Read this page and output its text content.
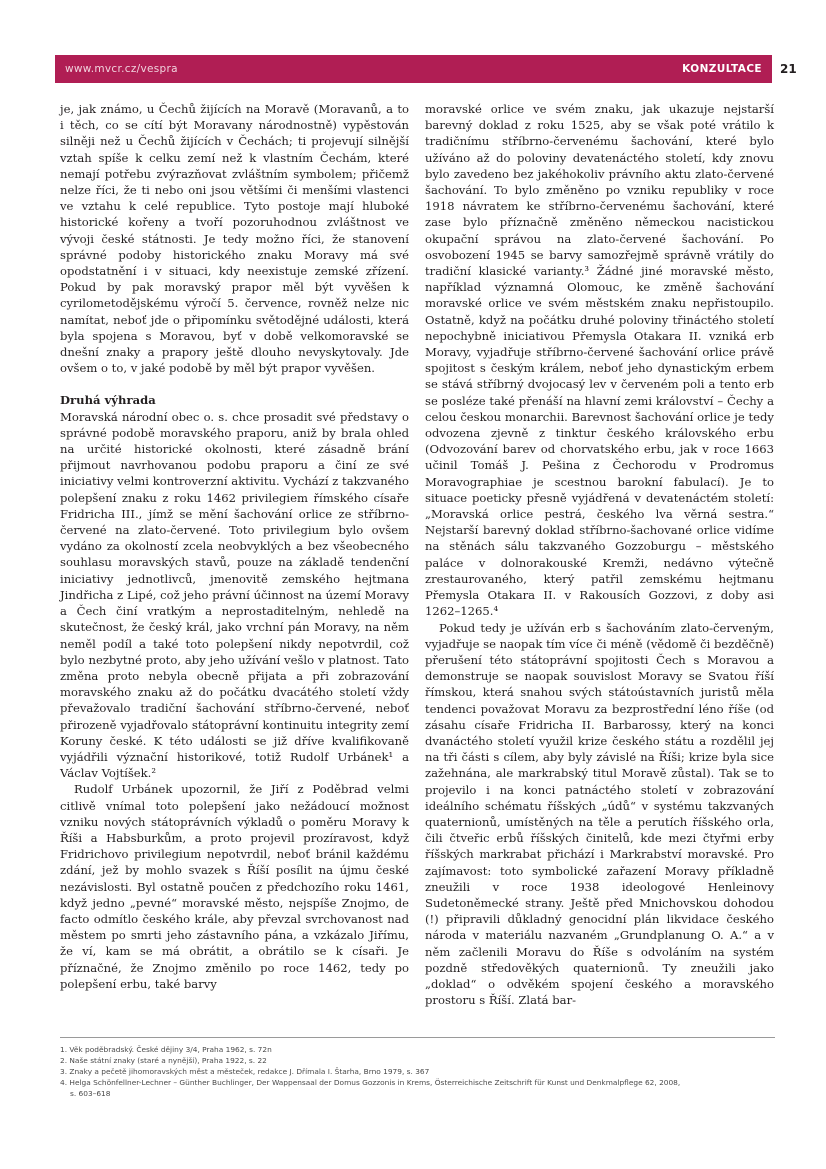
www.mvcr.cz/vespra	KONZULTACE 21

je, jak známo, u Čechů žijících na Moravě (Moravanů, a to i těch, co se cítí být Moravany národnostně) vypěstován silněji než u Čechů žijících v Čechách; ti projevují silnější vztah spíše k celku zemí než k vlastním Čechám, které nemají potřebu zvýrazňovat zvláštním symbolem; přičemž nelze říci, že ti nebo oni jsou většími či menšími vlastenci ve vztahu k celé republice. Tyto postoje mají hluboké historické kořeny a tvoří pozoruhodnou zvláštnost ve vývoji české státnosti. Je tedy možno říci, že stanovení správné podoby historického znaku Moravy má své opodstatnění i v situaci, kdy neexistuje zemské zřízení. Pokud by pak moravský prapor měl být vyvěšen k cyrilometodějskému výročí 5. července, rovněž nelze nic namítat, neboť jde o připomínku světodějné události, která byla spojena s Moravou, byť v době velkomoravské se dnešní znaky a prapory ještě dlouho nevyskytovaly. Jde ovšem o to, v jaké podobě by měl být prapor vyvěšen.

Druhá výhrada

Moravská národní obec o. s. chce prosadit své představy o správné podobě moravského praporu, aniž by brala ohled na určité historické okolnosti, které zásadně brání přijmout navrhovanou podobu praporu a činí ze své iniciativy velmi kontroverzní aktivitu. Vychází z takzvaného polepšení znaku z roku 1462 privilegiem římského císaře Fridricha III., jímž se mění šachování orlice ze stříbrno-červené na zlato-červené. Toto privilegium bylo ovšem vydáno za okolností zcela neobvyklých a bez všeobecného souhlasu moravských stavů, pouze na základě tendenční iniciativy jednotlivců, jmenovitě zemského hejtmana Jindřicha z Lipé, což jeho právní účinnost na území Moravy a Čech činí vratkým a neprostaditelným, nehledě na skutečnost, že český král, jako vrchní pán Moravy, na něm neměl podíl a také toto polepšení nikdy nepotvrdil, což bylo nezbytné proto, aby jeho užívání vešlo v platnost. Tato změna proto nebyla obecně přijata a při zobrazování moravského znaku až do počátku dvacátého století vždy převažovalo tradiční šachování stříbrno-červené, neboť přirozeně vyjadřovalo státoprávní kontinuitu integrity zemí Koruny české. K této události se již dříve kvalifikovaně vyjádřili význační historikové, totiž Rudolf Urbánek¹ a Václav Vojtíšek.²

Rudolf Urbánek upozornil, že Jiří z Poděbrad velmi citlivě vnímal toto polepšení jako nežádoucí možnost vzniku nových státoprávních výkladů o poměru Moravy k Říši a Habsburkům, a proto projevil prozíravost, když Fridrichovo privilegium nepotvrdil, neboť bránil každému zdání, jež by mohlo svazek s Říší posílit na újmu české nezávislosti. Byl ostatně poučen z předchozího roku 1461, když jedno „pevné“ moravské město, nejspíše Znojmo, de facto odmítlo českého krále, aby převzal svrchovanost nad městem po smrti jeho zástavního pána, a vzkázalo Jiřímu, že ví, kam se má obrátit, a obrátilo se k císaři. Je příznačné, že Znojmo změnilo po roce 1462, tedy po polepšení erbu, také barvy

moravské orlice ve svém znaku, jak ukazuje nejstarší barevný doklad z roku 1525, aby se však poté vrátilo k tradičnímu stříbrno-červenému šachování, které bylo užíváno až do poloviny devatenáctého století, kdy znovu bylo zavedeno bez jakéhokoliv právního aktu zlato-červené šachování. To bylo změněno po vzniku republiky v roce 1918 návratem ke stříbrno-červenému šachování, které zase bylo příznačně změněno německou nacistickou okupační správou na zlato-červené šachování. Po osvobození 1945 se barvy samozřejmě správně vrátily do tradiční klasické varianty.³ Žádné jiné moravské město, například významná Olomouc, ke změně šachování moravské orlice ve svém městském znaku nepřistoupilo. Ostatně, když na počátku druhé poloviny třináctého století nepochybně iniciativou Přemysla Otakara II. vzniká erb Moravy, vyjadřuje stříbrno-červené šachování orlice právě spojitost s českým králem, neboť jeho dynastickým erbem se stává stříbrný dvojocasý lev v červeném poli a tento erb se posléze také přenáší na hlavní zemi království – Čechy a celou českou monarchii. Barevnost šachování orlice je tedy odvozena zjevně z tinktur českého královského erbu (Odvozování barev od chorvatského erbu, jak v roce 1663 učinil Tomáš J. Pešina z Čechorodu v Prodromus Moravographiae je scestnou barokní fabulací). Je to situace poeticky přesně vyjádřená v devatenáctém století: „Moravská orlice pestrá, českého lva věrná sestra.“ Nejstarší barevný doklad stříbrno-šachované orlice vidíme na stěnách sálu takzvaného Gozzoburgu – městského paláce v dolnorakouské Kremži, nedávno výtečně zrestaurovaného, který patřil zemskému hejtmanu Přemysla Otakara II. v Rakousích Gozzovi, z doby asi 1262–1265.⁴

Pokud tedy je užíván erb s šachováním zlato-červeným, vyjadřuje se naopak tím více či méně (vědomě či bezděčně) přerušení této státoprávní spojitosti Čech s Moravou a demonstruje se naopak souvislost Moravy se Svatou říší římskou, která snahou svých státoústavních juristů měla tendenci považovat Moravu za bezprostřední léno říše (od zásahu císaře Fridricha II. Barbarossy, který na konci dvanáctého století využil krize českého státu a rozdělil jej na tři části s cílem, aby byly závislé na Říši; krize byla sice zažehnána, ale markrabský titul Moravě zůstal). Tak se to projevilo i na konci patnáctého století v zobrazování ideálního schématu říšských „údů“ v systému takzvaných quaternionů, umístěných na těle a perutích říšského orla, čili čtveřic erbů říšských činitelů, kde mezi čtyřmi erby říšských markrabat přichází i Markrabství moravské. Pro zajímavost: toto symbolické zařazení Moravy příkladně zneužili v roce 1938 ideologové Henleinovy Sudetoněmecké strany. Ještě před Mnichovskou dohodou (!) připravili důkladný genocidní plán likvidace českého národa v materiálu nazvaném „Grundplanung O. A.“ a v něm začlenili Moravu do Říše s odvoláním na systém pozdně středověkých quaternionů. Ty zneužili jako „doklad“ o odvěkém spojení českého a moravského prostoru s Říší. Zlatá bar-

1. Věk poděbradský. České dějiny 3/4, Praha 1962, s. 72n
2. Naše státní znaky (staré a nynější), Praha 1922, s. 22
3. Znaky a pečetě jihomoravských měst a městeček, redakce J. Dřímala I. Štarha, Brno 1979, s. 367
4. Helga Schönfellner-Lechner – Günther Buchlinger, Der Wappensaal der Domus Gozzonis in Krems, Österreichische Zeitschrift für Kunst und Denkmalpflege 62, 2008,
s. 603–618
